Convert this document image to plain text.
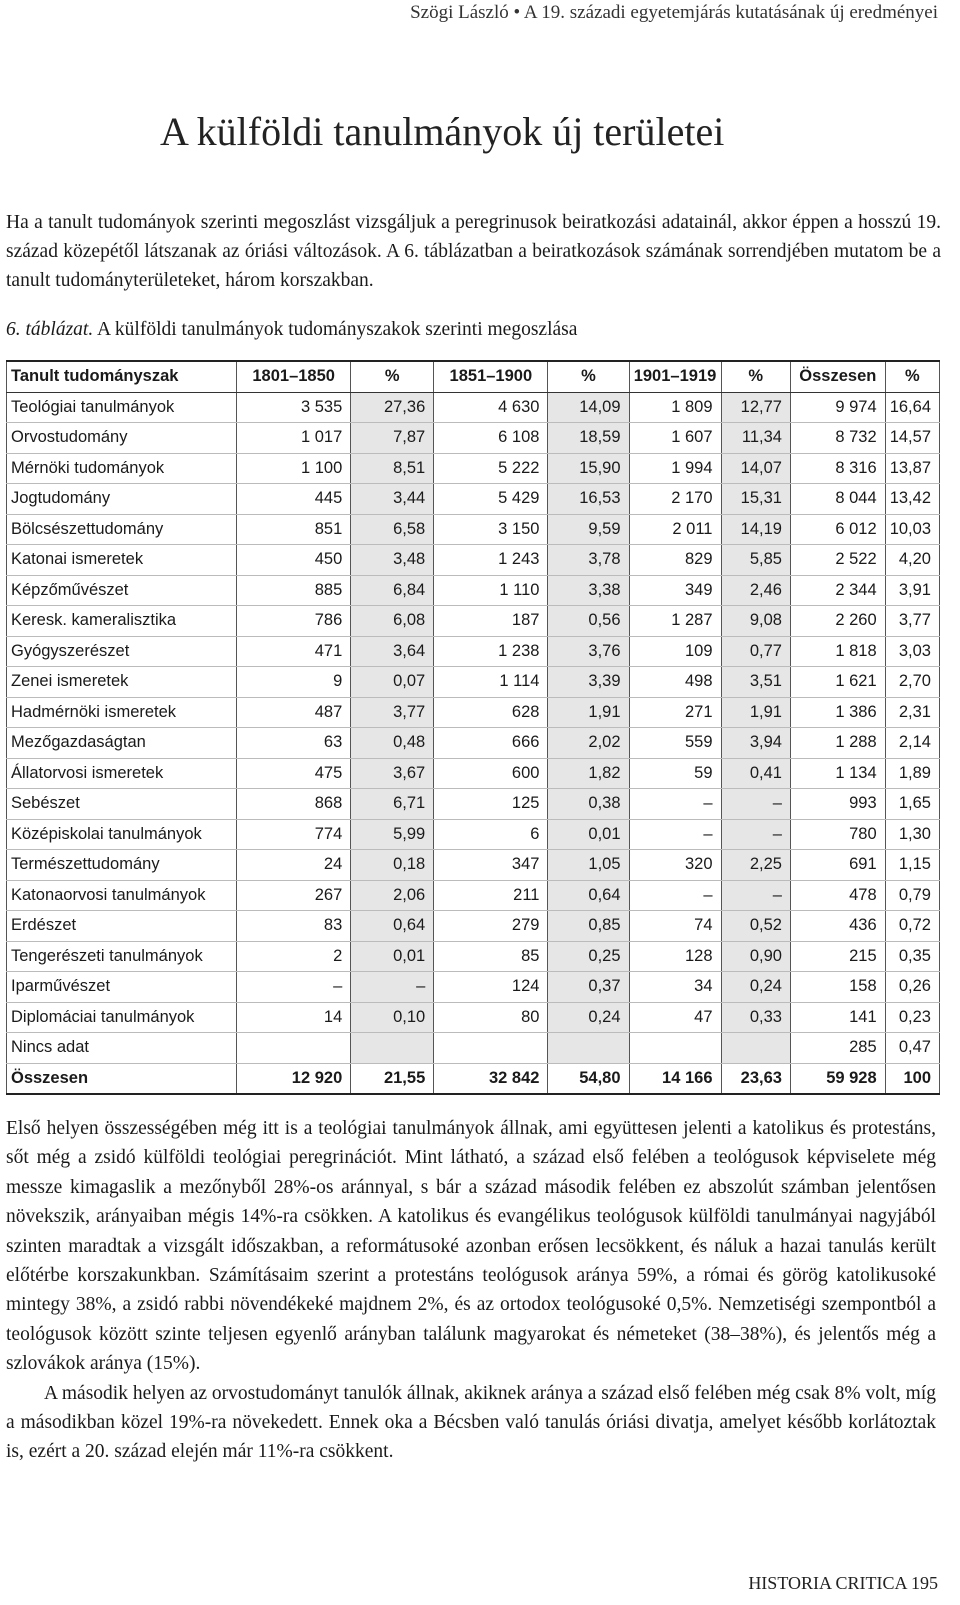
Szögi László • A 19. századi egyetemjárás kutatásának új eredményei
A külföldi tanulmányok új területei

Ha a tanult tudományok szerinti megoszlást vizsgáljuk a peregrinusok beiratkozási adatainál, akkor éppen a hosszú 19. század közepétől látszanak az óriási változások. A 6. táblázatban a beiratkozások számának sorrendjében mutatom be a tanult tudományterületeket, három korszakban.

6. táblázat. A külföldi tanulmányok tudományszakok szerinti megoszlása

Tanult tudományszak	1801–1850	%	1851–1900	%	1901–1919	%	Összesen	%
Teológiai tanulmányok	3 535	27,36	4 630	14,09	1 809	12,77	9 974	16,64
Orvostudomány	1 017	7,87	6 108	18,59	1 607	11,34	8 732	14,57
Mérnöki tudományok	1 100	8,51	5 222	15,90	1 994	14,07	8 316	13,87
Jogtudomány	445	3,44	5 429	16,53	2 170	15,31	8 044	13,42
Bölcsészettudomány	851	6,58	3 150	9,59	2 011	14,19	6 012	10,03
Katonai ismeretek	450	3,48	1 243	3,78	829	5,85	2 522	4,20
Képzőművészet	885	6,84	1 110	3,38	349	2,46	2 344	3,91
Keresk. kameralisztika	786	6,08	187	0,56	1 287	9,08	2 260	3,77
Gyógyszerészet	471	3,64	1 238	3,76	109	0,77	1 818	3,03
Zenei ismeretek	9	0,07	1 114	3,39	498	3,51	1 621	2,70
Hadmérnöki ismeretek	487	3,77	628	1,91	271	1,91	1 386	2,31
Mezőgazdaságtan	63	0,48	666	2,02	559	3,94	1 288	2,14
Állatorvosi ismeretek	475	3,67	600	1,82	59	0,41	1 134	1,89
Sebészet	868	6,71	125	0,38	–	–	993	1,65
Középiskolai tanulmányok	774	5,99	6	0,01	–	–	780	1,30
Természettudomány	24	0,18	347	1,05	320	2,25	691	1,15
Katonaorvosi tanulmányok	267	2,06	211	0,64	–	–	478	0,79
Erdészet	83	0,64	279	0,85	74	0,52	436	0,72
Tengerészeti tanulmányok	2	0,01	85	0,25	128	0,90	215	0,35
Iparművészet	–	–	124	0,37	34	0,24	158	0,26
Diplomáciai tanulmányok	14	0,10	80	0,24	47	0,33	141	0,23
Nincs adat							285	0,47
Összesen	12 920	21,55	32 842	54,80	14 166	23,63	59 928	100

Első helyen összességében még itt is a teológiai tanulmányok állnak, ami együttesen jelenti a katolikus és protestáns, sőt még a zsidó külföldi teológiai peregrinációt. Mint látható, a század első felében a teológusok képviselete még messze kimagaslik a mezőnyből 28%-os aránnyal, s bár a század második felében ez abszolút számban jelentősen növekszik, arányaiban mégis 14%-ra csökken. A katolikus és evangélikus teológusok külföldi tanulmányai nagyjából szinten maradtak a vizsgált időszakban, a reformátusoké azonban erősen lecsökkent, és náluk a hazai tanulás került előtérbe korszakunkban. Számításaim szerint a protestáns teológusok aránya 59%, a római és görög katolikusoké mintegy 38%, a zsidó rabbi növendékeké majdnem 2%, és az ortodox teológusoké 0,5%. Nemzetiségi szempontból a teológusok között szinte teljesen egyenlő arányban találunk magyarokat és németeket (38–38%), és jelentős még a szlovákok aránya (15%).

A második helyen az orvostudományt tanulók állnak, akiknek aránya a század első felében még csak 8% volt, míg a másodikban közel 19%-ra növekedett. Ennek oka a Bécsben való tanulás óriási divatja, amelyet később korlátoztak is, ezért a 20. század elején már 11%-ra csökkent.

HISTORIA CRITICA 195
